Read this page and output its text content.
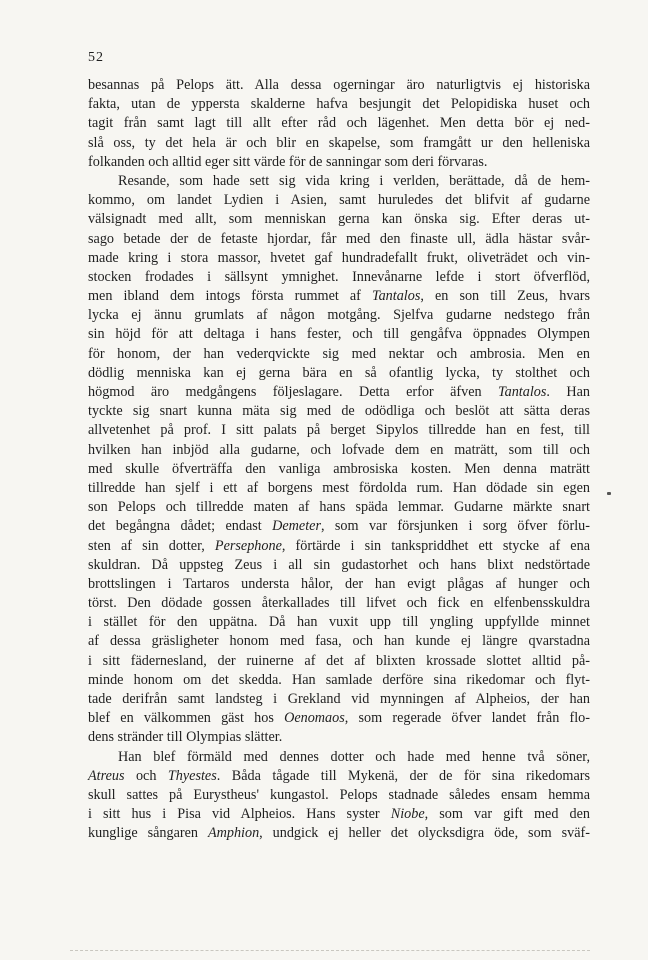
52
besannas på Pelops ätt. Alla dessa ogerningar äro naturligtvis ej historiska
fakta, utan de yppersta skalderne hafva besjungit det Pelopidiska huset och
tagit från samt lagt till allt efter råd och lägenhet. Men detta bör ej ned-
slå oss, ty det hela är och blir en skapelse, som framgått ur den helleniska
folkanden och alltid eger sitt värde för de sanningar som deri förvaras.
Resande, som hade sett sig vida kring i verlden, berättade, då de hem-
kommo, om landet Lydien i Asien, samt huruledes det blifvit af gudarne
välsignadt med allt, som menniskan gerna kan önska sig. Efter deras ut-
sago betade der de fetaste hjordar, får med den finaste ull, ädla hästar svår-
made kring i stora massor, hvetet gaf hundradefallt frukt, oliveträdet och vin-
stocken frodades i sällsynt ymnighet. Innevånarne lefde i stort öfverflöd,
men ibland dem intogs första rummet af Tantalos, en son till Zeus, hvars
lycka ej ännu grumlats af någon motgång. Sjelfva gudarne nedstego från
sin höjd för att deltaga i hans fester, och till gengåfva öppnades Olympen
för honom, der han vederqvickte sig med nektar och ambrosia. Men en
dödlig menniska kan ej gerna bära en så ofantlig lycka, ty stolthet och
högmod äro medgångens följeslagare. Detta erfor äfven Tantalos. Han
tyckte sig snart kunna mäta sig med de odödliga och beslöt att sätta deras
allvetenhet på prof. I sitt palats på berget Sipylos tillredde han en fest, till
hvilken han inbjöd alla gudarne, och lofvade dem en maträtt, som till och
med skulle öfverträffa den vanliga ambrosiska kosten. Men denna maträtt
tillredde han sjelf i ett af borgens mest fördolda rum. Han dödade sin egen
son Pelops och tillredde maten af hans späda lemmar. Gudarne märkte snart
det begångna dådet; endast Demeter, som var försjunken i sorg öfver förlu-
sten af sin dotter, Persephone, förtärde i sin tankspriddhet ett stycke af ena
skuldran. Då uppsteg Zeus i all sin gudastorhet och hans blixt nedstörtade
brottslingen i Tartaros understa hålor, der han evigt plågas af hunger och
törst. Den dödade gossen återkallades till lifvet och fick en elfenbensskuldra
i stället för den uppätna. Då han vuxit upp till yngling uppfyllde minnet
af dessa gräsligheter honom med fasa, och han kunde ej längre qvarstadna
i sitt fädernesland, der ruinerne af det af blixten krossade slottet alltid på-
minde honom om det skedda. Han samlade derföre sina rikedomar och flyt-
tade derifrån samt landsteg i Grekland vid mynningen af Alpheios, der han
blef en välkommen gäst hos Oenomaos, som regerade öfver landet från flo-
dens stränder till Olympias slätter.
Han blef förmäld med dennes dotter och hade med henne två söner,
Atreus och Thyestes. Båda tågade till Mykenä, der de för sina rikedomars
skull sattes på Eurystheus' kungastol. Pelops stadnade således ensam hemma
i sitt hus i Pisa vid Alpheios. Hans syster Niobe, som var gift med den
kunglige sångaren Amphion, undgick ej heller det olycksdigra öde, som sväf-
